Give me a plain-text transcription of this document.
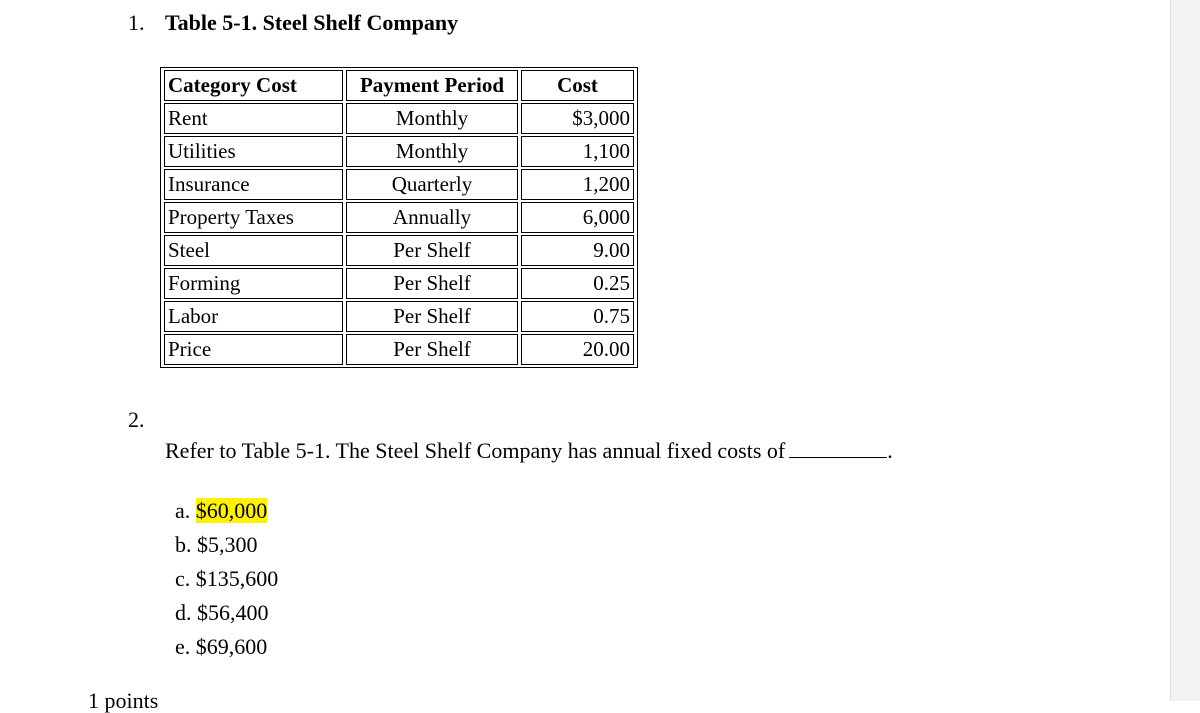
1. Table 5-1. Steel Shelf Company
Category Cost	Payment Period	Cost
Rent	Monthly	$3,000
Utilities	Monthly	1,100
Insurance	Quarterly	1,200
Property Taxes	Annually	6,000
Steel	Per Shelf	9.00
Forming	Per Shelf	0.25
Labor	Per Shelf	0.75
Price	Per Shelf	20.00
2.
Refer to Table 5-1. The Steel Shelf Company has annual fixed costs of	.
a. $60,000
b. $5,300
c. $135,600
d. $56,400
e. $69,600
1 points
